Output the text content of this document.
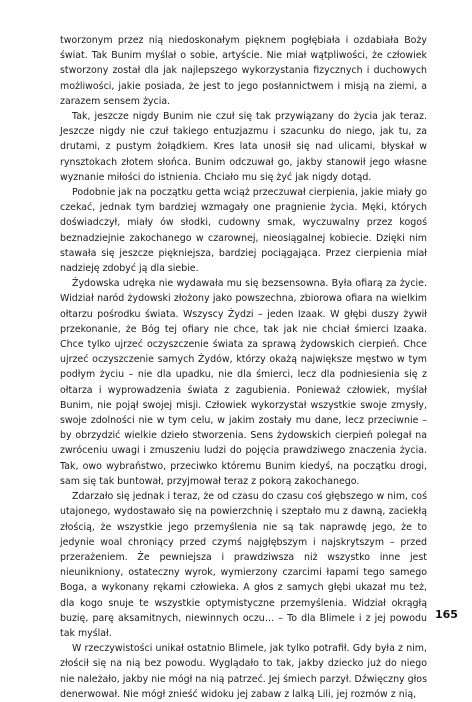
tworzonym przez nią niedoskonałym pięknem pogłębiała i ozdabiała Boży świat. Tak Bunim myślał o sobie, artyście. Nie miał wątpliwości, że człowiek stworzony został dla jak najlepszego wykorzystania fizycznych i duchowych możliwości, jakie posiada, że jest to jego posłannictwem i misją na ziemi, a zarazem sensem życia.

Tak, jeszcze nigdy Bunim nie czuł się tak przywiązany do życia jak teraz. Jeszcze nigdy nie czuł takiego entuzjazmu i szacunku do niego, jak tu, za drutami, z pustym żołądkiem. Kres lata unosił się nad ulicami, błyskał w rynsztokach złotem słońca. Bunim odczuwał go, jakby stanowił jego własne wyznanie miłości do istnienia. Chciało mu się żyć jak nigdy dotąd.

Podobnie jak na początku getta wciąż przeczuwał cierpienia, jakie miały go czekać, jednak tym bardziej wzmagały one pragnienie życia. Męki, których doświadczył, miały ów słodki, cudowny smak, wyczuwalny przez kogoś beznadziejnie zakochanego w czarownej, nieosiągalnej kobiecie. Dzięki nim stawała się jeszcze piękniejsza, bardziej pociągająca. Przez cierpienia miał nadzieję zdobyć ją dla siebie.

Żydowska udręka nie wydawała mu się bezsensowna. Była ofiarą za życie. Widział naród żydowski złożony jako powszechna, zbiorowa ofiara na wielkim ołtarzu pośrodku świata. Wszyscy Żydzi – jeden Izaak. W głębi duszy żywił przekonanie, że Bóg tej ofiary nie chce, tak jak nie chciał śmierci Izaaka. Chce tylko ujrzeć oczyszczenie świata za sprawą żydowskich cierpień. Chce ujrzeć oczyszczenie samych Żydów, którzy okażą największe męstwo w tym podłym życiu – nie dla upadku, nie dla śmierci, lecz dla podniesienia się z ołtarza i wyprowadzenia świata z zagubienia. Ponieważ człowiek, myślał Bunim, nie pojął swojej misji. Człowiek wykorzystał wszystkie swoje zmysły, swoje zdolności nie w tym celu, w jakim zostały mu dane, lecz przeciwnie – by obrzydzić wielkie dzieło stworzenia. Sens żydowskich cierpień polegał na zwróceniu uwagi i zmuszeniu ludzi do pojęcia prawdziwego znaczenia życia. Tak, owo wybraństwo, przeciwko któremu Bunim kiedyś, na początku drogi, sam się tak buntował, przyjmował teraz z pokorą zakochanego.

Zdarzało się jednak i teraz, że od czasu do czasu coś głębszego w nim, coś utajonego, wydostawało się na powierzchnię i szeptało mu z dawną, zaciekłą złością, że wszystkie jego przemyślenia nie są tak naprawdę jego, że to jedynie woal chroniący przed czymś najgłębszym i najskrytszym – przed przerażeniem. Że pewniejsza i prawdziwsza niż wszystko inne jest nieunikniony, ostateczny wyrok, wymierzony czarcimi łapami tego samego Boga, a wykonany rękami człowieka. A głos z samych głębi ukazał mu też, dla kogo snuje te wszystkie optymistyczne przemyślenia. Widział okrągłą buzię, parę aksamitnych, niewinnych oczu… – To dla Blimele i z jej powodu tak myślał.

W rzeczywistości unikał ostatnio Blimele, jak tylko potrafił. Gdy była z nim, złościł się na nią bez powodu. Wyglądało to tak, jakby dziecko już do niego nie należało, jakby nie mógł na nią patrzeć. Jej śmiech parzył. Dźwięczny głos denerwował. Nie mógł znieść widoku jej zabaw z lalką Lili, jej rozmów z nią,

165
